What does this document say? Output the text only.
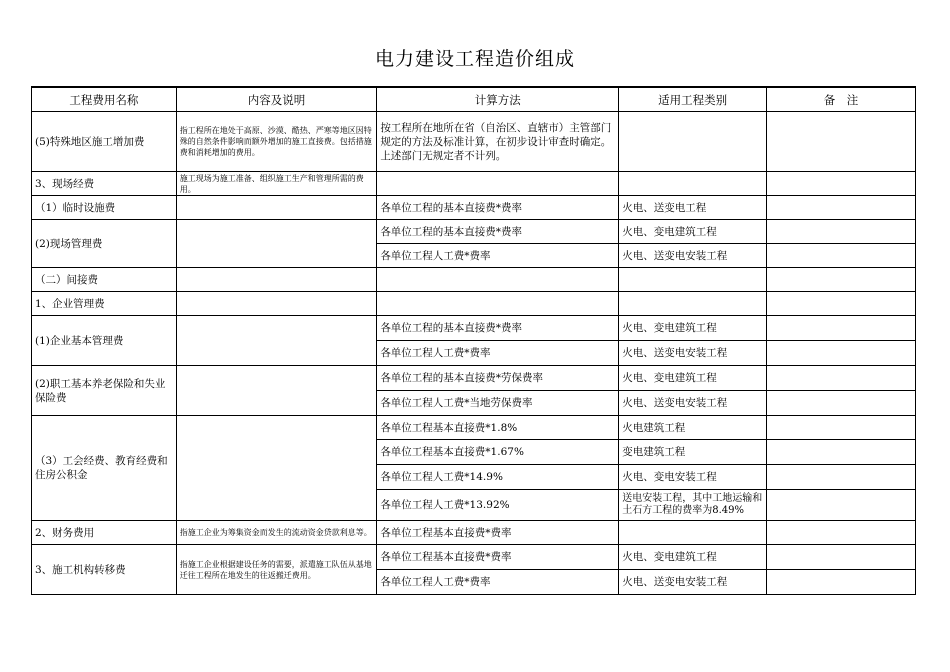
电力建设工程造价组成
工程费用名称	内容及说明	计算方法	适用工程类别	备　注
(5)特殊地区施工增加费	指工程所在地处于高原、沙漠、酷热、严寒等地区因特殊的自然条件影响而额外增加的施工直接费。包括措施费和消耗增加的费用。	按工程所在地所在省（自治区、直辖市）主管部门规定的方法及标准计算，在初步设计审查时确定。上述部门无规定者不计列。		
3、现场经费	施工现场为施工准备、组织施工生产和管理所需的费用。			
（1）临时设施费		各单位工程的基本直接费*费率	火电、送变电工程	
(2)现场管理费		各单位工程的基本直接费*费率	火电、变电建筑工程	
		各单位工程人工费*费率	火电、送变电安装工程	
（二）间接费				
1、企业管理费				
(1)企业基本管理费		各单位工程的基本直接费*费率	火电、变电建筑工程	
		各单位工程人工费*费率	火电、送变电安装工程	
(2)职工基本养老保险和失业保险费		各单位工程的基本直接费*劳保费率	火电、变电建筑工程	
		各单位工程人工费*当地劳保费率	火电、送变电安装工程	
（3）工会经费、教育经费和住房公积金		各单位工程基本直接费*1.8%	火电建筑工程	
		各单位工程基本直接费*1.67%	变电建筑工程	
		各单位工程人工费*14.9%	火电、变电安装工程	
		各单位工程人工费*13.92%	送电安装工程，其中工地运输和土石方工程的费率为8.49%	
2、财务费用	指施工企业为筹集资金而发生的流动资金贷款利息等。	各单位工程基本直接费*费率		
3、施工机构转移费	指施工企业根据建设任务的需要，派遣施工队伍从基地迁往工程所在地发生的往返搬迁费用。	各单位工程基本直接费*费率	火电、变电建筑工程	
		各单位工程人工费*费率	火电、送变电安装工程	
